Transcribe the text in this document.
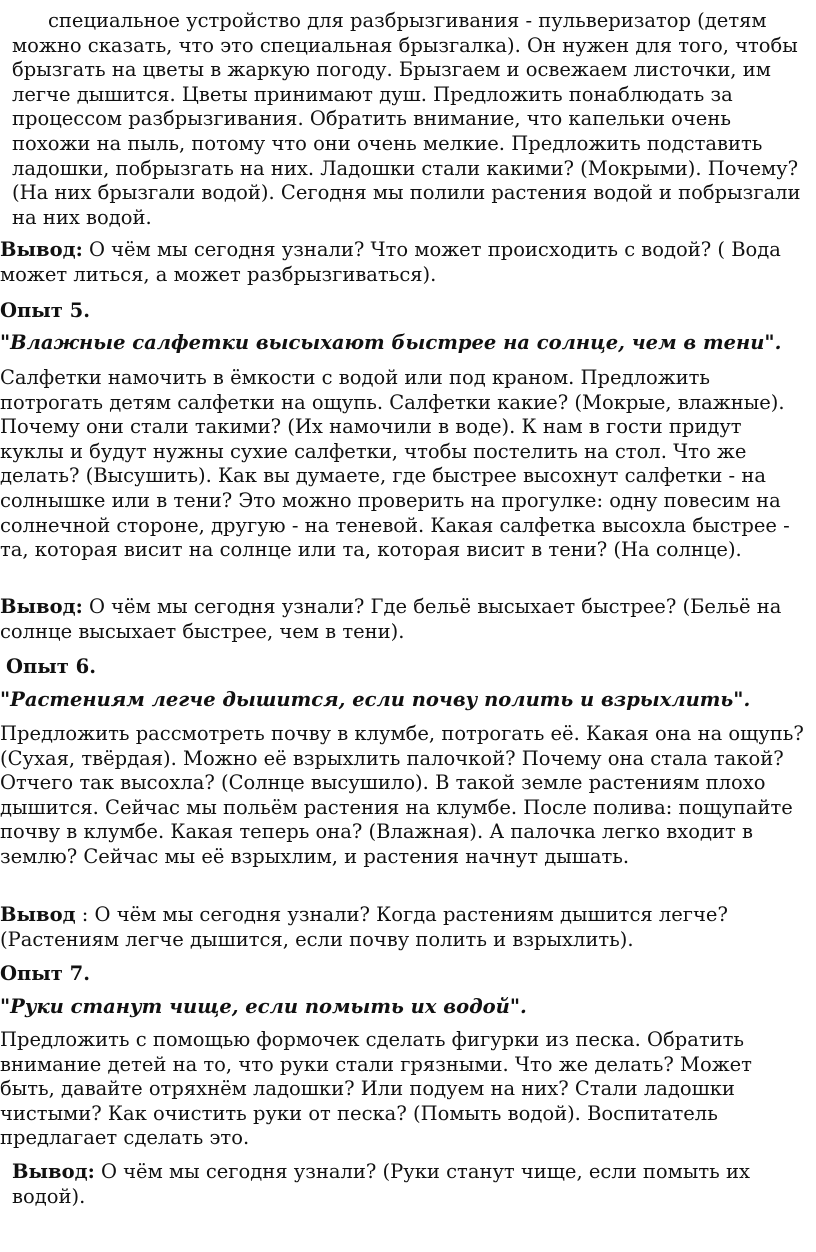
специальное устройство для разбрызгивания - пульверизатор (детям можно сказать, что это специальная брызгалка). Он нужен для того, чтобы брызгать на цветы в жаркую погоду. Брызгаем и освежаем листочки, им легче дышится. Цветы принимают душ. Предложить понаблюдать за процессом разбрызгивания. Обратить внимание, что капельки очень похожи на пыль, потому что они очень мелкие. Предложить подставить ладошки, побрызгать на них. Ладошки стали какими? (Мокрыми). Почему? (На них брызгали водой). Сегодня мы полили растения водой и побрызгали на них водой.

Вывод: О чём мы сегодня узнали? Что может происходить с водой? ( Вода может литься, а может разбрызгиваться).

Опыт 5.

"Влажные салфетки высыхают быстрее на солнце, чем в тени".

Салфетки намочить в ёмкости с водой или под краном. Предложить потрогать детям салфетки на ощупь. Салфетки какие? (Мокрые, влажные). Почему они стали такими? (Их намочили в воде). К нам в гости придут куклы и будут нужны сухие салфетки, чтобы постелить на стол. Что же делать? (Высушить). Как вы думаете, где быстрее высохнут салфетки - на солнышке или в тени? Это можно проверить на прогулке: одну повесим на солнечной стороне, другую - на теневой. Какая салфетка высохла быстрее - та, которая висит на солнце или та, которая висит в тени? (На солнце).

Вывод: О чём мы сегодня узнали? Где бельё высыхает быстрее? (Бельё на солнце высыхает быстрее, чем в тени).

Опыт 6.

"Растениям легче дышится, если почву полить и взрыхлить".

Предложить рассмотреть почву в клумбе, потрогать её. Какая она на ощупь? (Сухая, твёрдая). Можно её взрыхлить палочкой? Почему она стала такой? Отчего так высохла? (Солнце высушило). В такой земле растениям плохо дышится. Сейчас мы польём растения на клумбе. После полива: пощупайте почву в клумбе. Какая теперь она? (Влажная). А палочка легко входит в землю? Сейчас мы её взрыхлим, и растения начнут дышать.

Вывод : О чём мы сегодня узнали? Когда растениям дышится легче? (Растениям легче дышится, если почву полить и взрыхлить).

Опыт 7.

"Руки станут чище, если помыть их водой".

Предложить с помощью формочек сделать фигурки из песка. Обратить внимание детей на то, что руки стали грязными. Что же делать? Может быть, давайте отряхнём ладошки? Или подуем на них? Стали ладошки чистыми? Как очистить руки от песка? (Помыть водой). Воспитатель предлагает сделать это.

Вывод: О чём мы сегодня узнали? (Руки станут чище, если помыть их водой).
